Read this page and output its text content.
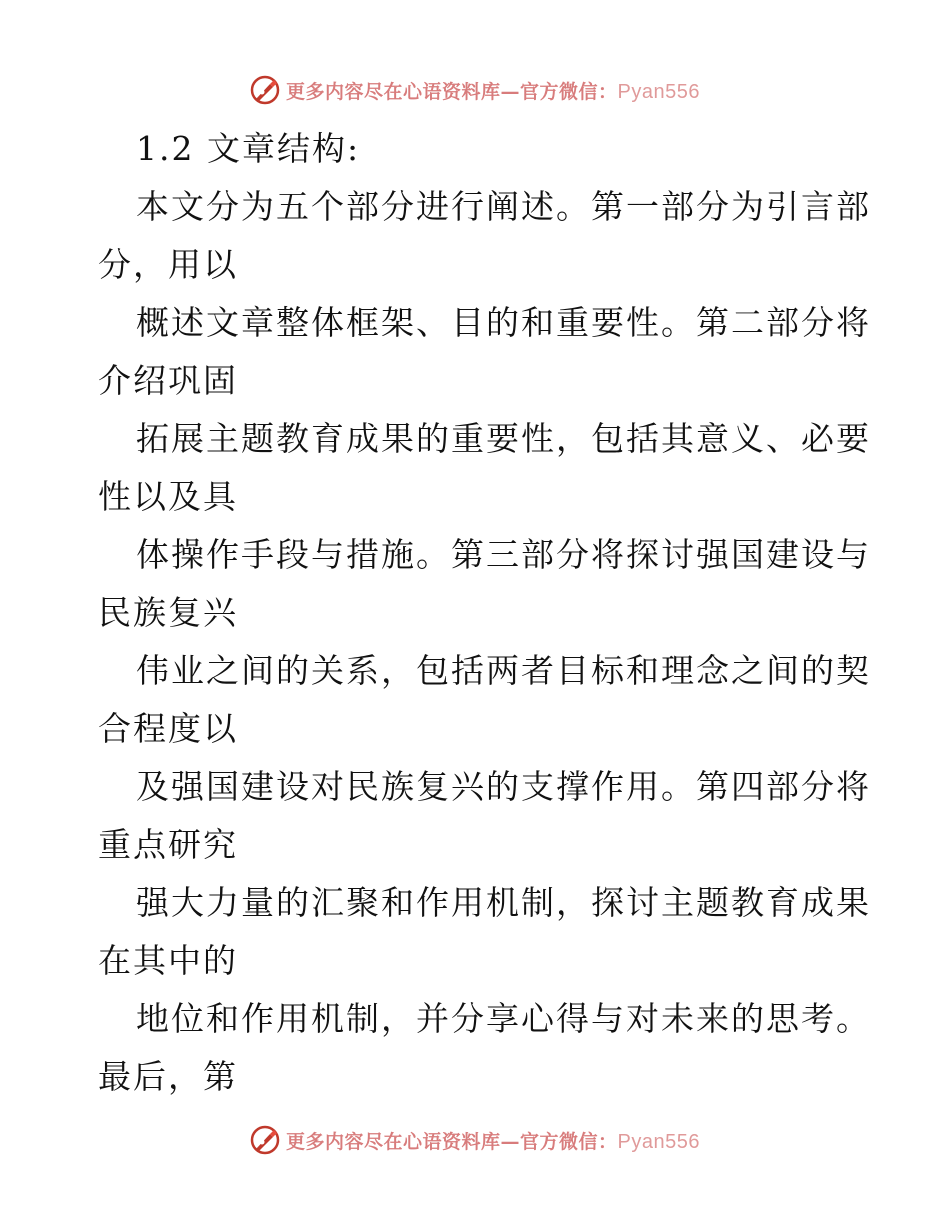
更多内容尽在心语资料库—官方微信：Pyan556
1.2 文章结构:
本文分为五个部分进行阐述。第一部分为引言部
分，用以
概述文章整体框架、目的和重要性。第二部分将
介绍巩固
拓展主题教育成果的重要性，包括其意义、必要
性以及具
体操作手段与措施。第三部分将探讨强国建设与
民族复兴
伟业之间的关系，包括两者目标和理念之间的契
合程度以
及强国建设对民族复兴的支撑作用。第四部分将
重点研究
强大力量的汇聚和作用机制，探讨主题教育成果
在其中的
地位和作用机制，并分享心得与对未来的思考。
最后，第
更多内容尽在心语资料库—官方微信：Pyan556
